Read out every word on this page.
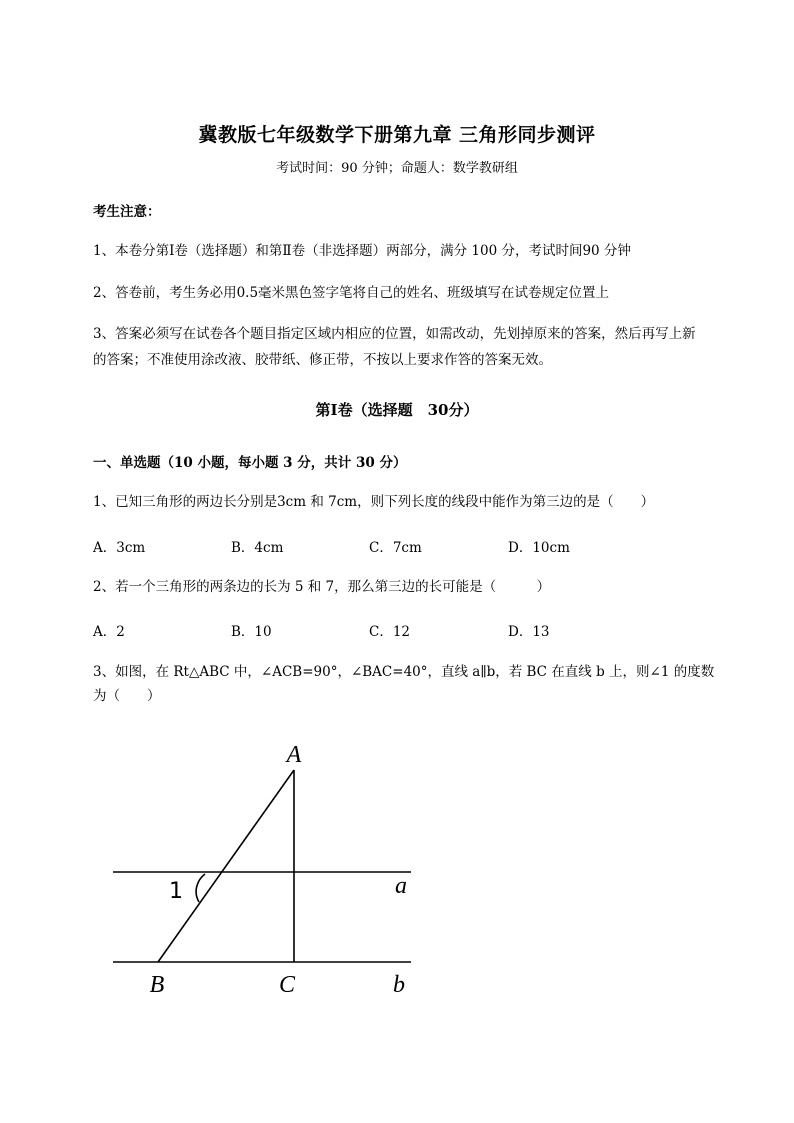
冀教版七年级数学下册第九章 三角形同步测评
考试时间：90 分钟；命题人：数学教研组
考生注意：
1、本卷分第Ⅰ卷（选择题）和第Ⅱ卷（非选择题）两部分，满分 100 分，考试时间90 分钟
2、答卷前，考生务必用0.5毫米黑色签字笔将自己的姓名、班级填写在试卷规定位置上
3、答案必须写在试卷各个题目指定区域内相应的位置，如需改动，先划掉原来的答案，然后再写上新
的答案；不准使用涂改液、胶带纸、修正带，不按以上要求作答的答案无效。
第Ⅰ卷（选择题　30分）
一、单选题（10 小题，每小题 3 分，共计 30 分）
1、已知三角形的两边长分别是3cm 和 7cm，则下列长度的线段中能作为第三边的是（　　）
A．3cm	B．4cm	C．7cm	D．10cm
2、若一个三角形的两条边的长为 5 和 7，那么第三边的长可能是（　　　）
A．2	B．10	C．12	D．13
3、如图，在 Rt△ABC 中，∠ACB=90°，∠BAC=40°，直线 a∥b，若 BC 在直线 b 上，则∠1 的度数
为（　　）
A
B	C
a
b
1
